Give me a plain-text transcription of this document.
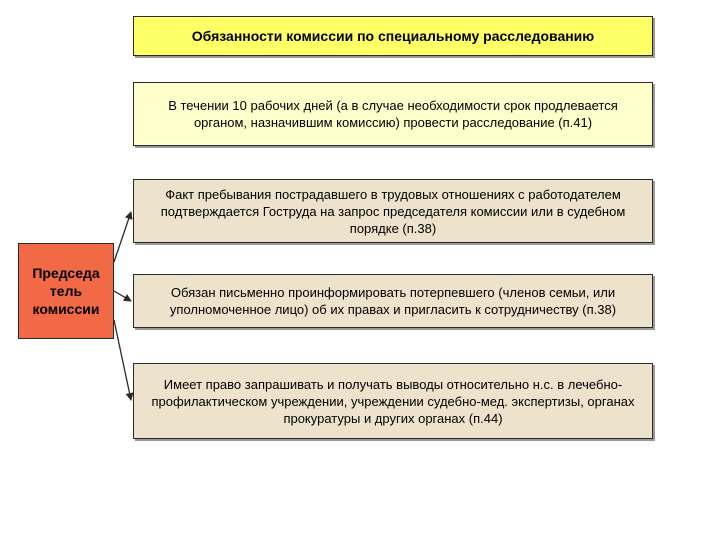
Обязанности комиссии по специальному расследованию
В течении 10 рабочих дней (а в случае необходимости срок продлевается органом, назначившим комиссию) провести расследование (п.41)
Председа тель комиссии
Факт пребывания пострадавшего в трудовых отношениях с работодателем подтверждается Гострудa на запрос председателя комиссии или в судебном порядке (п.38)
Обязан письменно проинформировать потерпевшего (членов семьи, или уполномоченное лицо) об их правах и пригласить к сотрудничеству (п.38)
Имеет право запрашивать и получать выводы относительно н.с. в лечебно-профилактическом учреждении, учреждении судебно-мед. экспертизы, органах прокуратуры и других органах (п.44)
